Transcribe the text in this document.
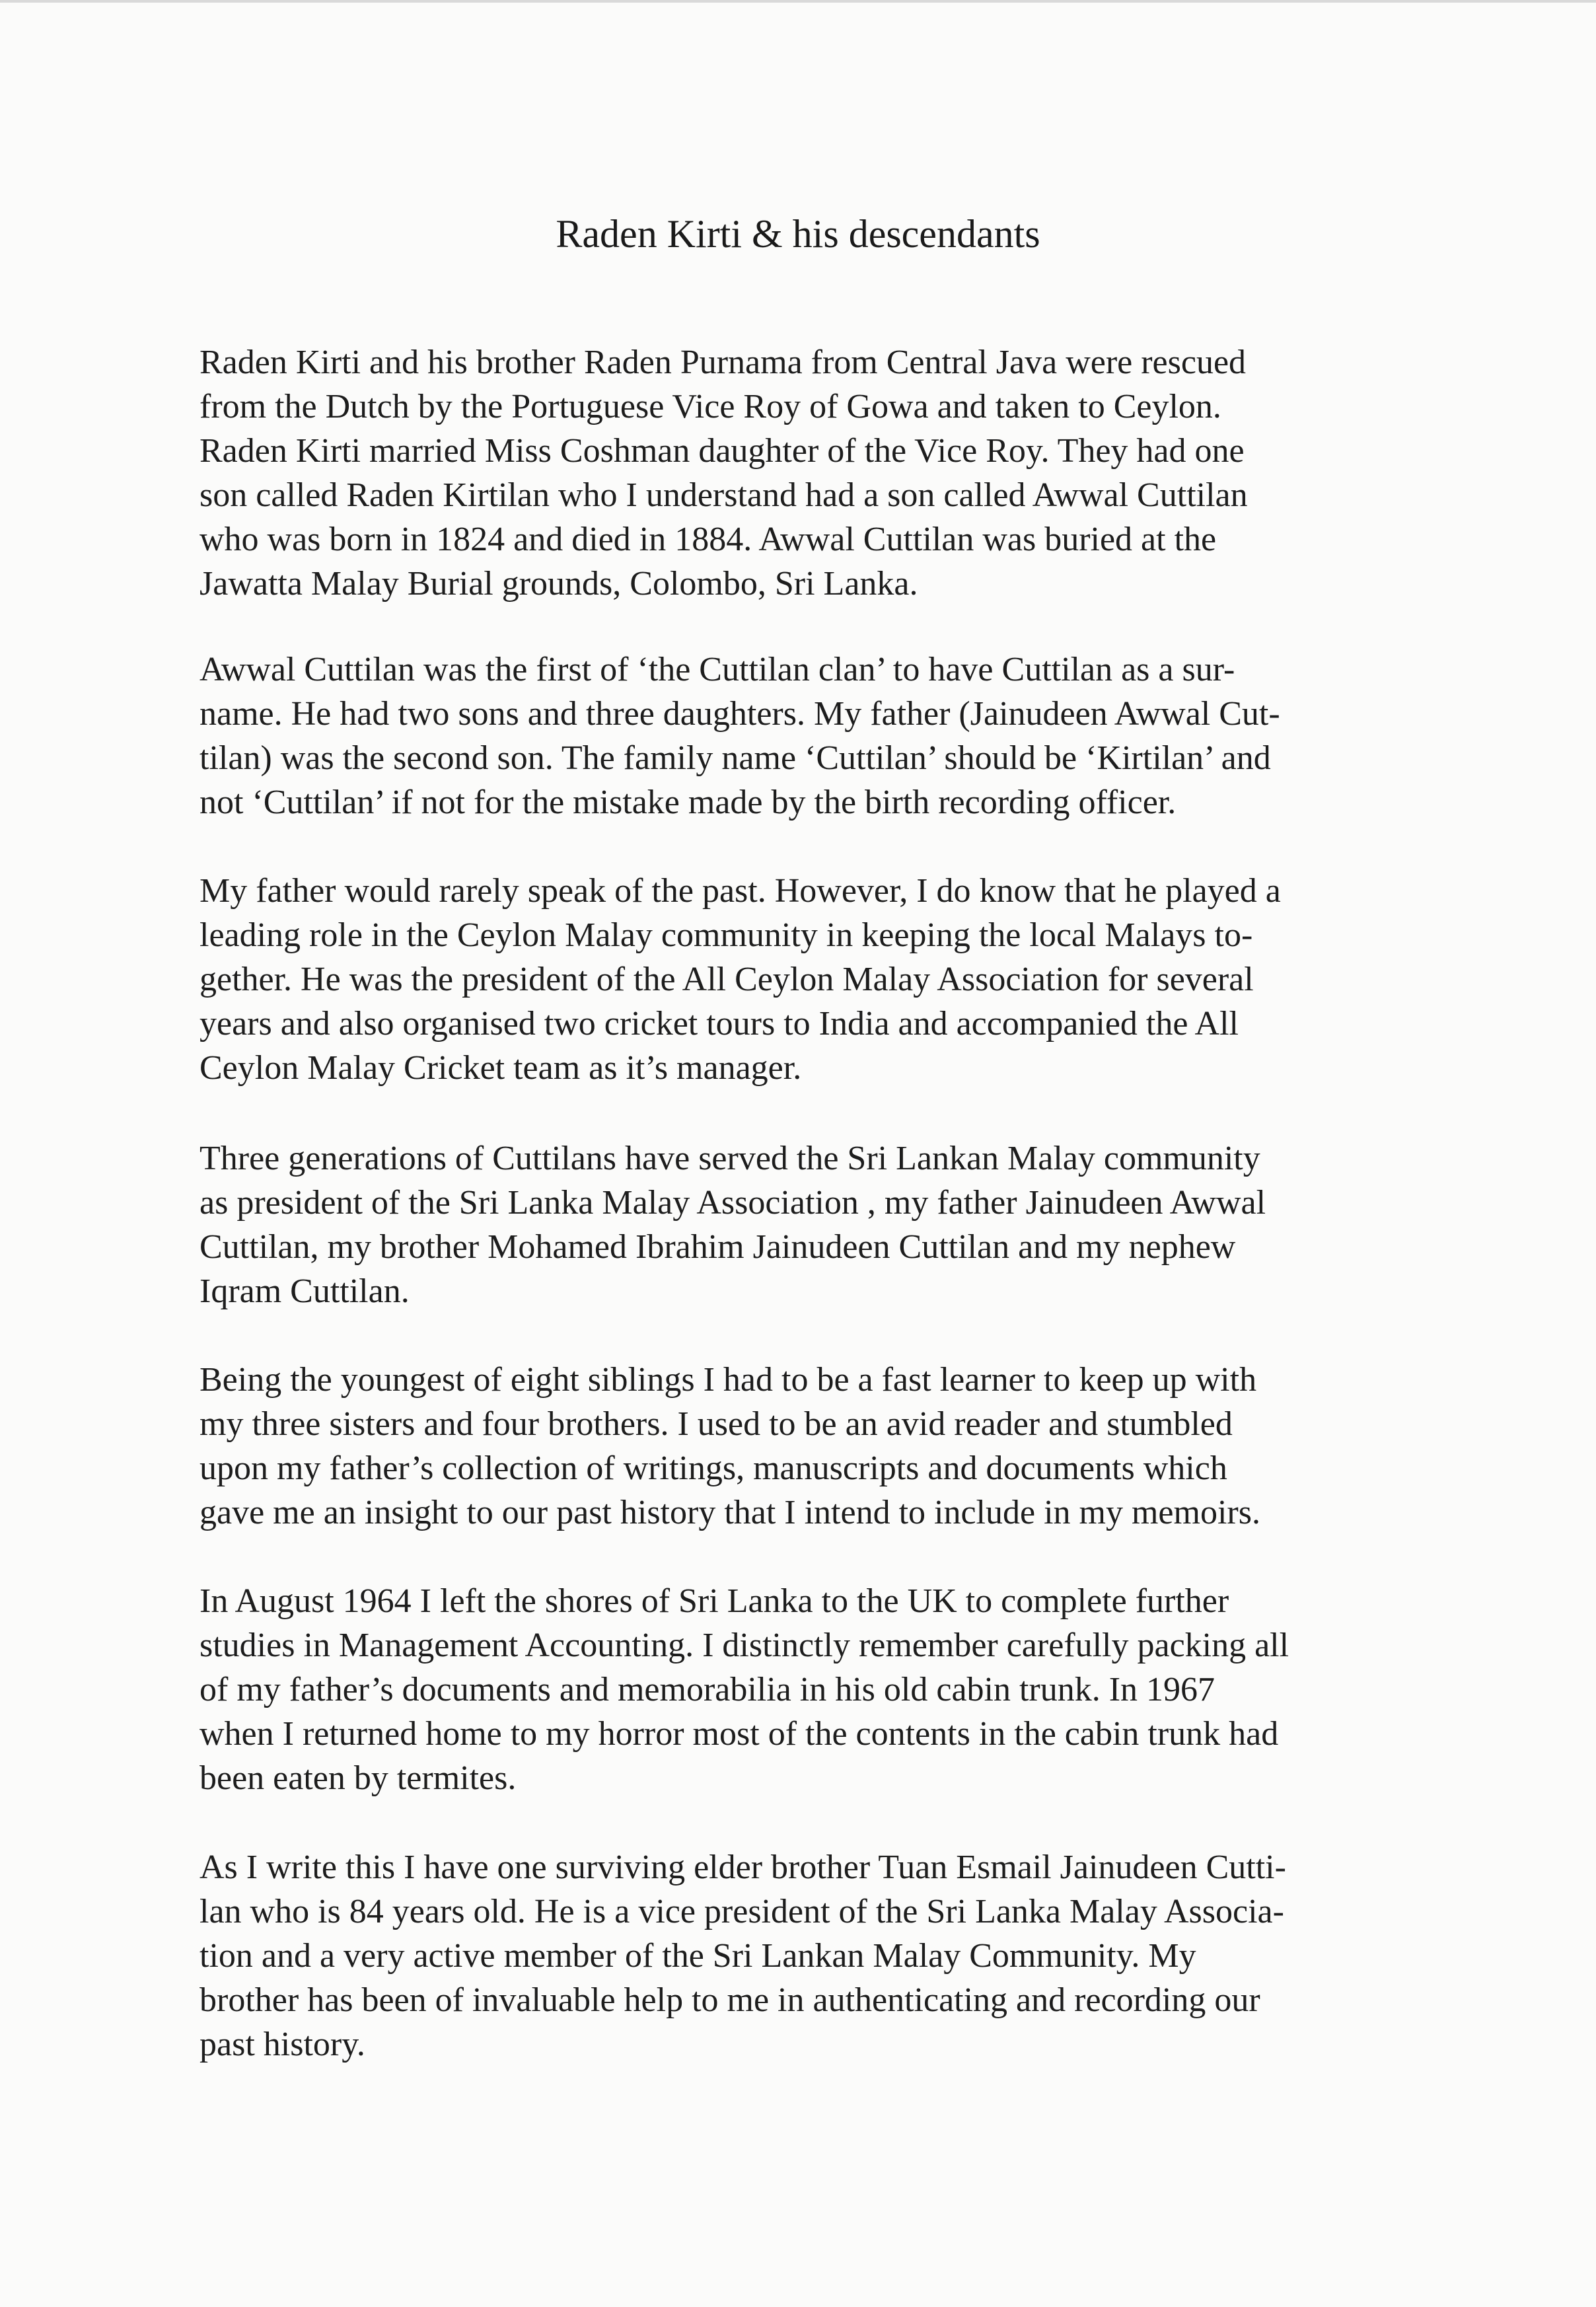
Raden Kirti & his descendants
Raden Kirti and his brother Raden Purnama from Central Java were rescued
from the Dutch by the Portuguese Vice Roy of Gowa and taken to Ceylon.
Raden Kirti married Miss Coshman daughter of the Vice Roy. They had one
son called Raden Kirtilan who I understand had a son called Awwal Cuttilan
who was born in 1824 and died in 1884. Awwal Cuttilan was buried at the
Jawatta Malay Burial grounds, Colombo, Sri Lanka.
Awwal Cuttilan was the first of ‘the Cuttilan clan’ to have Cuttilan as a sur-
name. He had two sons and three daughters. My father (Jainudeen Awwal Cut-
tilan) was the second son. The family name ‘Cuttilan’ should be ‘Kirtilan’ and
not ‘Cuttilan’ if not for the mistake made by the birth recording officer.
My father would rarely speak of the past. However, I do know that he played a
leading role in the Ceylon Malay community in keeping the local Malays to-
gether. He was the president of the All Ceylon Malay Association for several
years and also organised two cricket tours to India and accompanied the All
Ceylon Malay Cricket team as it’s manager.
Three generations of Cuttilans have served the Sri Lankan Malay community
as president of the Sri Lanka Malay Association , my father Jainudeen Awwal
Cuttilan, my brother Mohamed Ibrahim Jainudeen Cuttilan and my nephew
Iqram Cuttilan.
Being the youngest of eight siblings I had to be a fast learner to keep up with
my three sisters and four brothers. I used to be an avid reader and stumbled
upon my father’s collection of writings, manuscripts and documents which
gave me an insight to our past history that I intend to include in my memoirs.
In August 1964 I left the shores of Sri Lanka to the UK to complete further
studies in Management Accounting. I distinctly remember carefully packing all
of my father’s documents and memorabilia in his old cabin trunk. In 1967
when I returned home to my horror most of the contents in the cabin trunk had
been eaten by termites.
As I write this I have one surviving elder brother Tuan Esmail Jainudeen Cutti-
lan who is 84 years old. He is a vice president of the Sri Lanka Malay Associa-
tion and a very active member of the Sri Lankan Malay Community. My
brother has been of invaluable help to me in authenticating and recording our
past history.
